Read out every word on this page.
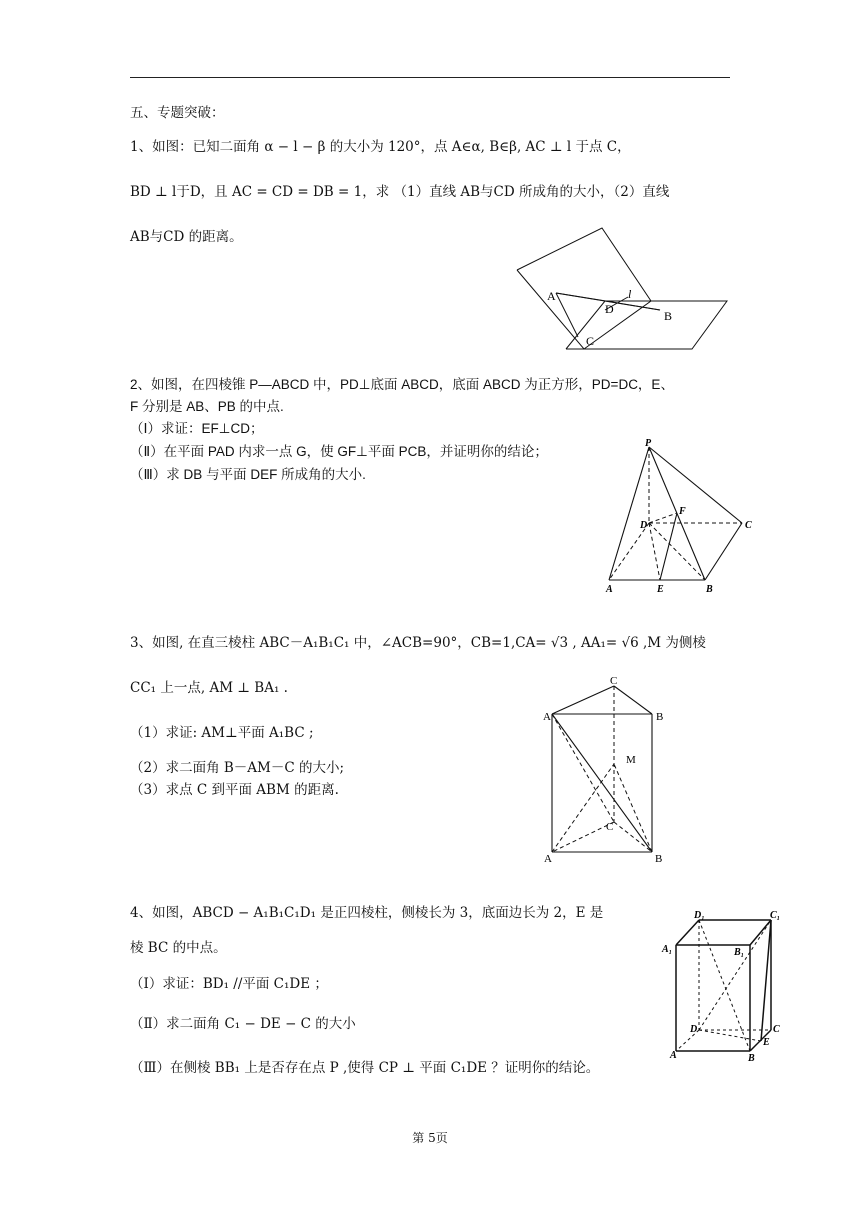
五、专题突破：
1、如图：已知二面角 α − l − β 的大小为 120°，点 A∈α, B∈β, AC ⊥ l 于点 C，
BD ⊥ l于D，且 AC = CD = DB = 1，求 （1）直线 AB与CD 所成角的大小，（2）直线
AB与CD 的距离。
A
D
l
B
C
2、如图，在四棱锥 P—ABCD 中，PD⊥底面 ABCD，底面 ABCD 为正方形，PD=DC，E、
F 分别是 AB、PB 的中点.
（Ⅰ）求证：EF⊥CD；
（Ⅱ）在平面 PAD 内求一点 G，使 GF⊥平面 PCB，并证明你的结论；
（Ⅲ）求 DB 与平面 DEF 所成角的大小.
P
D
F
C
A	E	B
3、如图, 在直三棱柱 ABC－A₁B₁C₁ 中，∠ACB=90°，CB=1,CA= √3 , AA₁= √6 ,M 为侧棱
CC₁ 上一点, AM ⊥ BA₁ .
（1）求证: AM⊥平面 A₁BC ;
（2）求二面角 B－AM－C 的大小;
（3）求点 C 到平面 ABM 的距离.
C
A	B
M
C
A	B
4、如图，ABCD − A₁B₁C₁D₁ 是正四棱柱，侧棱长为 3，底面边长为 2，E 是
棱 BC 的中点。
（Ⅰ）求证：BD₁ //平面 C₁DE ；
（Ⅱ）求二面角 C₁ − DE − C 的大小
（Ⅲ）在侧棱 BB₁ 上是否存在点 P ,使得 CP ⊥ 平面 C₁DE ？证明你的结论。
D₁	C₁
A₁	B₁
D	C
A
E
B
第 5页
